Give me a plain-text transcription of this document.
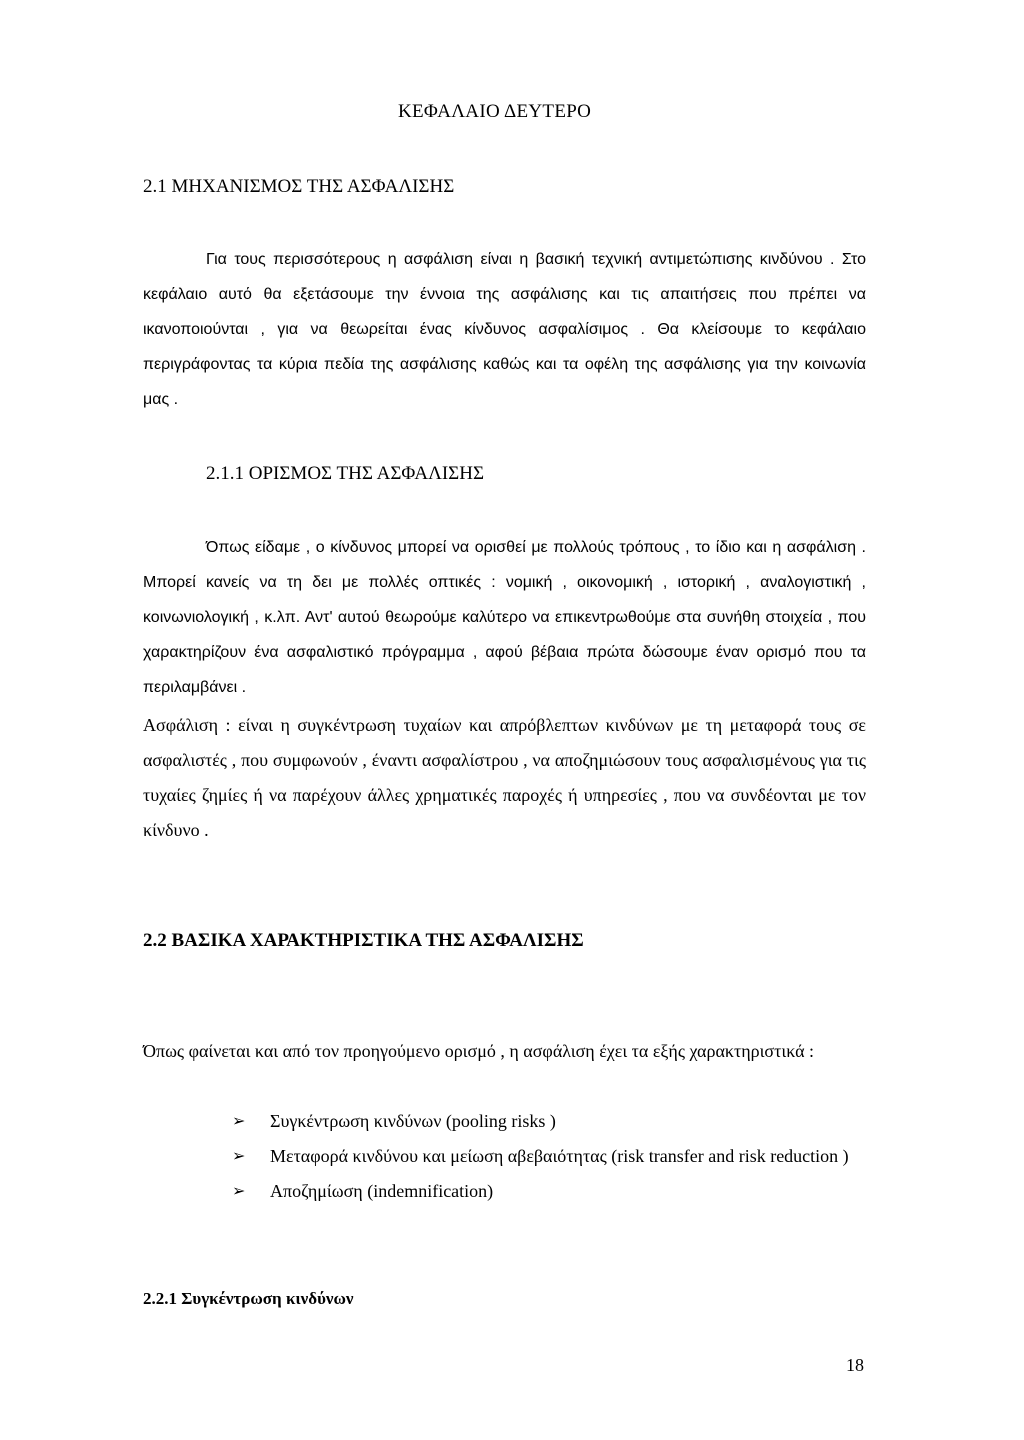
ΚΕΦΑΛΑΙΟ ΔΕΥΤΕΡΟ

2.1 ΜΗΧΑΝΙΣΜΟΣ ΤΗΣ ΑΣΦΑΛΙΣΗΣ

Για τους περισσότερους η ασφάλιση είναι η βασική τεχνική αντιμετώπισης κινδύνου . Στο κεφάλαιο αυτό θα εξετάσουμε την έννοια της ασφάλισης και τις απαιτήσεις που πρέπει να ικανοποιούνται , για να θεωρείται ένας κίνδυνος ασφαλίσιμος . Θα κλείσουμε το κεφάλαιο περιγράφοντας τα κύρια πεδία της ασφάλισης καθώς και τα οφέλη της ασφάλισης για την κοινωνία μας .

2.1.1 ΟΡΙΣΜΟΣ ΤΗΣ ΑΣΦΑΛΙΣΗΣ

Όπως είδαμε , ο κίνδυνος μπορεί να ορισθεί με πολλούς τρόπους , το ίδιο και η ασφάλιση . Μπορεί κανείς να τη δει με πολλές οπτικές : νομική , οικονομική , ιστορική , αναλογιστική , κοινωνιολογική , κ.λπ. Αντ' αυτού θεωρούμε καλύτερο να επικεντρωθούμε στα συνήθη στοιχεία , που χαρακτηρίζουν ένα ασφαλιστικό πρόγραμμα , αφού βέβαια πρώτα δώσουμε έναν ορισμό που τα περιλαμβάνει .

Ασφάλιση : είναι η συγκέντρωση τυχαίων και απρόβλεπτων κινδύνων με τη μεταφορά τους σε ασφαλιστές , που συμφωνούν , έναντι ασφαλίστρου , να αποζημιώσουν τους ασφαλισμένους για τις τυχαίες ζημίες ή να παρέχουν άλλες χρηματικές παροχές ή υπηρεσίες , που να συνδέονται με τον κίνδυνο .

2.2 ΒΑΣΙΚΑ ΧΑΡΑΚΤΗΡΙΣΤΙΚΑ ΤΗΣ ΑΣΦΑΛΙΣΗΣ

Όπως φαίνεται και από τον προηγούμενο ορισμό , η ασφάλιση έχει τα εξής χαρακτηριστικά :

➢ Συγκέντρωση κινδύνων (pooling risks )
➢ Μεταφορά κινδύνου και μείωση αβεβαιότητας (risk transfer and risk reduction )
➢ Αποζημίωση (indemnification)

2.2.1 Συγκέντρωση κινδύνων

18
